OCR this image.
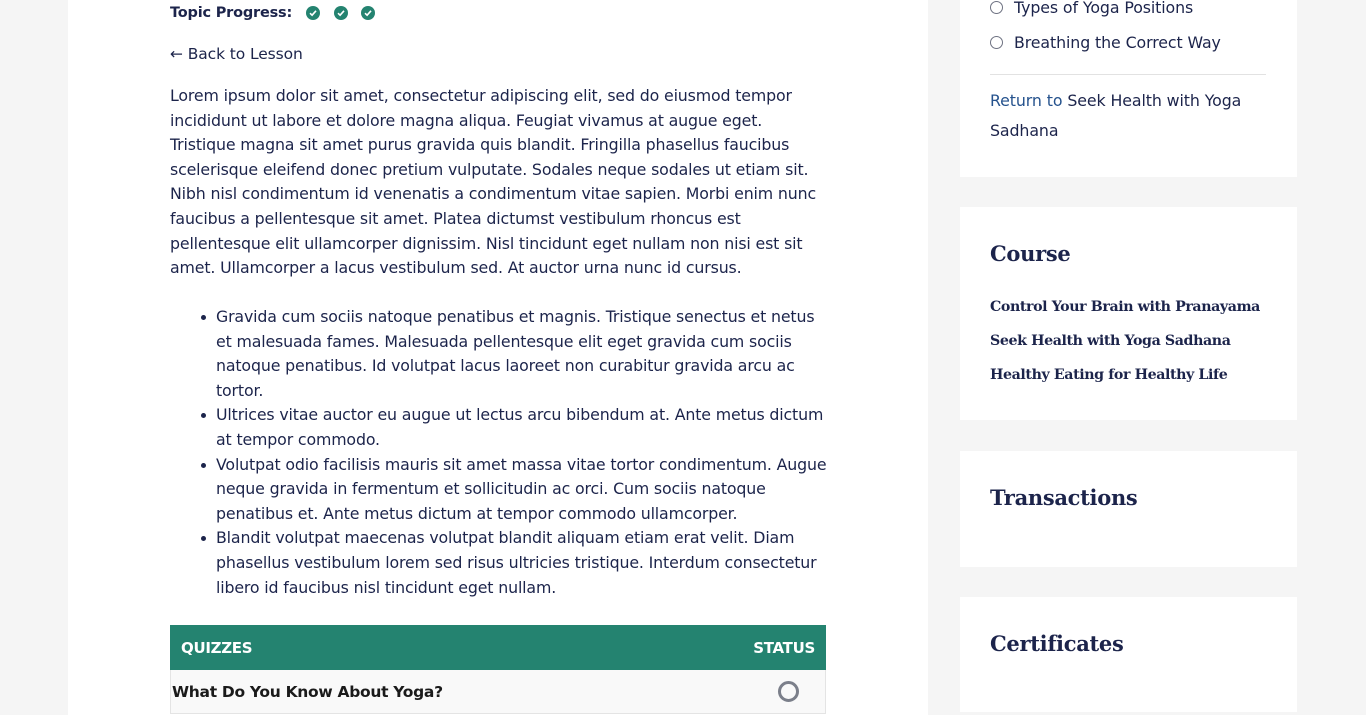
Topic Progress:
← Back to Lesson

Lorem ipsum dolor sit amet, consectetur adipiscing elit, sed do eiusmod tempor incididunt ut labore et dolore magna aliqua. Feugiat vivamus at augue eget. Tristique magna sit amet purus gravida quis blandit. Fringilla phasellus faucibus scelerisque eleifend donec pretium vulputate. Sodales neque sodales ut etiam sit. Nibh nisl condimentum id venenatis a condimentum vitae sapien. Morbi enim nunc faucibus a pellentesque sit amet. Platea dictumst vestibulum rhoncus est pellentesque elit ullamcorper dignissim. Nisl tincidunt eget nullam non nisi est sit amet. Ullamcorper a lacus vestibulum sed. At auctor urna nunc id cursus.

Gravida cum sociis natoque penatibus et magnis. Tristique senectus et netus et malesuada fames. Malesuada pellentesque elit eget gravida cum sociis natoque penatibus. Id volutpat lacus laoreet non curabitur gravida arcu ac tortor.
Ultrices vitae auctor eu augue ut lectus arcu bibendum at. Ante metus dictum at tempor commodo.
Volutpat odio facilisis mauris sit amet massa vitae tortor condimentum. Augue neque gravida in fermentum et sollicitudin ac orci. Cum sociis natoque penatibus et. Ante metus dictum at tempor commodo ullamcorper.
Blandit volutpat maecenas volutpat blandit aliquam etiam erat velit. Diam phasellus vestibulum lorem sed risus ultricies tristique. Interdum consectetur libero id faucibus nisl tincidunt eget nullam.
QUIZZES	STATUS
What Do You Know About Yoga?
Types of Yoga Positions
Breathing the Correct Way
Return to Seek Health with Yoga Sadhana
Course
Control Your Brain with Pranayama
Seek Health with Yoga Sadhana
Healthy Eating for Healthy Life
Transactions
Certificates
